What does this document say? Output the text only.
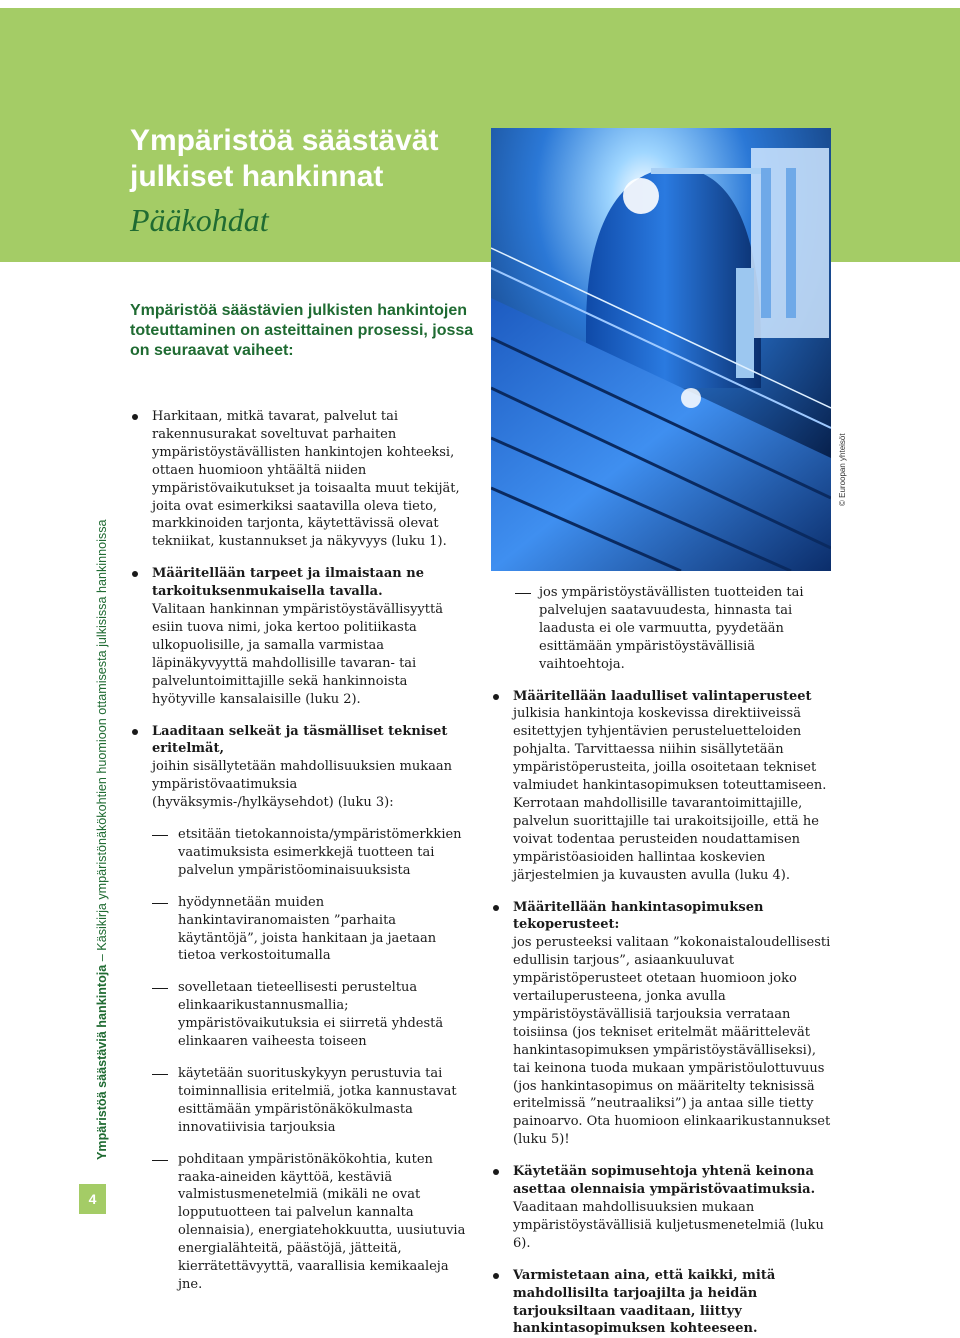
Ympäristöä säästävät
julkiset hankinnat
Pääkohdat
© Euroopan yhteisöt
Ympäristöä säästäviä hankintoja – Käsikirja ympäristönäkökohtien huomioon ottamisesta julkisissa hankinnoissa
4
Ympäristöä säästävien julkisten hankintojen toteuttaminen on asteittainen prosessi, jossa on seuraavat vaiheet:

Harkitaan, mitkä tavarat, palvelut tai rakennusurakat soveltuvat parhaiten ympäristöystävällisten hankintojen kohteeksi, ottaen huomioon yhtäältä niiden ympäristövaikutukset ja toisaalta muut tekijät, joita ovat esimerkiksi saatavilla oleva tieto, markkinoiden tarjonta, käytettävissä olevat tekniikat, kustannukset ja näkyvyys (luku 1).

Määritellään tarpeet ja ilmaistaan ne tarkoituksenmukaisella tavalla.
Valitaan hankinnan ympäristöystävällisyyttä esiin tuova nimi, joka kertoo politiikasta ulkopuolisille, ja samalla varmistaa läpinäkyvyyttä mahdollisille tavaran- tai palveluntoimittajille sekä hankinnoista hyötyville kansalaisille (luku 2).

Laaditaan selkeät ja täsmälliset tekniset eritelmät,
joihin sisällytetään mahdollisuuksien mukaan ympäristövaatimuksia (hyväksymis-/hylkäysehdot) (luku 3):

etsitään tietokannoista/ympäristömerkkien vaatimuksista esimerkkejä tuotteen tai palvelun ympäristöominaisuuksista

hyödynnetään muiden hankintaviranomaisten ”parhaita käytäntöjä”, joista hankitaan ja jaetaan tietoa verkostoitumalla

sovelletaan tieteellisesti perusteltua elinkaarikustannusmallia; ympäristövaikutuksia ei siirretä yhdestä elinkaaren vaiheesta toiseen

käytetään suorituskykyyn perustuvia tai toiminnallisia eritelmiä, jotka kannustavat esittämään ympäristönäkökulmasta innovatiivisia tarjouksia

pohditaan ympäristönäkökohtia, kuten raaka-aineiden käyttöä, kestäviä valmistusmenetelmiä (mikäli ne ovat lopputuotteen tai palvelun kannalta olennaisia), energiatehokkuutta, uusiutuvia energialähteitä, päästöjä, jätteitä, kierrätettävyyttä, vaarallisia kemikaaleja jne.

jos ympäristöystävällisten tuotteiden tai palvelujen saatavuudesta, hinnasta tai laadusta ei ole varmuutta, pyydetään esittämään ympäristöystävällisiä vaihtoehtoja.

Määritellään laadulliset valintaperusteet julkisia hankintoja koskevissa direktiiveissä esitettyjen tyhjentävien perusteluetteloiden pohjalta. Tarvittaessa niihin sisällytetään ympäristöperusteita, joilla osoitetaan tekniset valmiudet hankintasopimuksen toteuttamiseen. Kerrotaan mahdollisille tavarantoimittajille, palvelun suorittajille tai urakoitsijoille, että he voivat todentaa perusteiden noudattamisen ympäristöasioiden hallintaa koskevien järjestelmien ja kuvausten avulla (luku 4).

Määritellään hankintasopimuksen tekoperusteet:
jos perusteeksi valitaan ”kokonaistaloudellisesti edullisin tarjous”, asiaankuuluvat ympäristöperusteet otetaan huomioon joko vertailuperusteena, jonka avulla ympäristöystävällisiä tarjouksia verrataan toisiinsa (jos tekniset eritelmät määrittelevät hankintasopimuksen ympäristöystävälliseksi), tai keinona tuoda mukaan ympäristöulottuvuus (jos hankintasopimus on määritelty teknisissä eritelmissä ”neutraaliksi”) ja antaa sille tietty painoarvo. Ota huomioon elinkaarikustannukset (luku 5)!

Käytetään sopimusehtoja yhtenä keinona asettaa olennaisia ympäristövaatimuksia. Vaaditaan mahdollisuuksien mukaan ympäristöystävällisiä kuljetusmenetelmiä (luku 6).

Varmistetaan aina, että kaikki, mitä mahdollisilta tarjoajilta ja heidän tarjouksiltaan vaaditaan, liittyy hankintasopimuksen kohteeseen.
